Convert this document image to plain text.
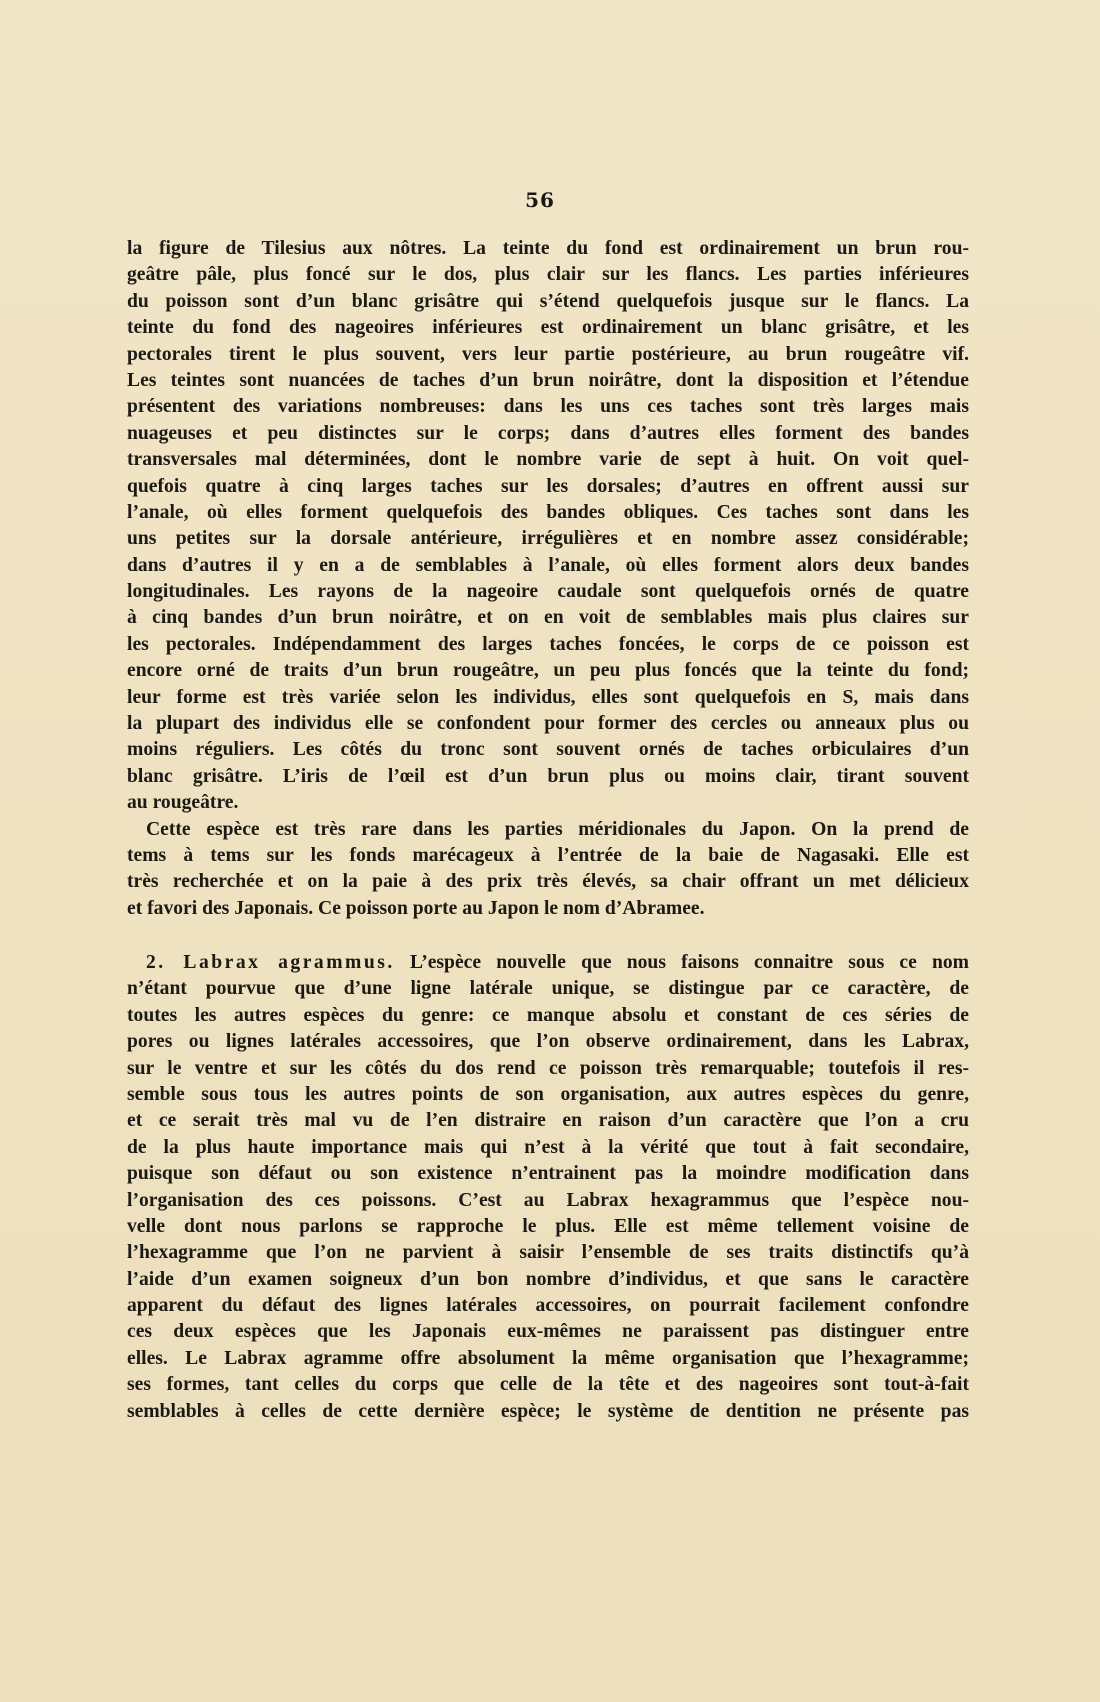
56
la figure de Tilesius aux nôtres. La teinte du fond est ordinairement un brun rou-
geâtre pâle, plus foncé sur le dos, plus clair sur les flancs. Les parties inférieures
du poisson sont d’un blanc grisâtre qui s’étend quelquefois jusque sur le flancs. La
teinte du fond des nageoires inférieures est ordinairement un blanc grisâtre, et les
pectorales tirent le plus souvent, vers leur partie postérieure, au brun rougeâtre vif.
Les teintes sont nuancées de taches d’un brun noirâtre, dont la disposition et l’étendue
présentent des variations nombreuses: dans les uns ces taches sont très larges mais
nuageuses et peu distinctes sur le corps; dans d’autres elles forment des bandes
transversales mal déterminées, dont le nombre varie de sept à huit. On voit quel-
quefois quatre à cinq larges taches sur les dorsales; d’autres en offrent aussi sur
l’anale, où elles forment quelquefois des bandes obliques. Ces taches sont dans les
uns petites sur la dorsale antérieure, irrégulières et en nombre assez considérable;
dans d’autres il y en a de semblables à l’anale, où elles forment alors deux bandes
longitudinales. Les rayons de la nageoire caudale sont quelquefois ornés de quatre
à cinq bandes d’un brun noirâtre, et on en voit de semblables mais plus claires sur
les pectorales. Indépendamment des larges taches foncées, le corps de ce poisson est
encore orné de traits d’un brun rougeâtre, un peu plus foncés que la teinte du fond;
leur forme est très variée selon les individus, elles sont quelquefois en S, mais dans
la plupart des individus elle se confondent pour former des cercles ou anneaux plus ou
moins réguliers. Les côtés du tronc sont souvent ornés de taches orbiculaires d’un
blanc grisâtre. L’iris de l’œil est d’un brun plus ou moins clair, tirant souvent
au rougeâtre.
Cette espèce est très rare dans les parties méridionales du Japon. On la prend de
tems à tems sur les fonds marécageux à l’entrée de la baie de Nagasaki. Elle est
très recherchée et on la paie à des prix très élevés, sa chair offrant un met délicieux
et favori des Japonais. Ce poisson porte au Japon le nom d’Abramee.
2. Labrax agrammus. L’espèce nouvelle que nous faisons connaitre sous ce nom
n’étant pourvue que d’une ligne latérale unique, se distingue par ce caractère, de
toutes les autres espèces du genre: ce manque absolu et constant de ces séries de
pores ou lignes latérales accessoires, que l’on observe ordinairement, dans les Labrax,
sur le ventre et sur les côtés du dos rend ce poisson très remarquable; toutefois il res-
semble sous tous les autres points de son organisation, aux autres espèces du genre,
et ce serait très mal vu de l’en distraire en raison d’un caractère que l’on a cru
de la plus haute importance mais qui n’est à la vérité que tout à fait secondaire,
puisque son défaut ou son existence n’entrainent pas la moindre modification dans
l’organisation des ces poissons. C’est au Labrax hexagrammus que l’espèce nou-
velle dont nous parlons se rapproche le plus. Elle est même tellement voisine de
l’hexagramme que l’on ne parvient à saisir l’ensemble de ses traits distinctifs qu’à
l’aide d’un examen soigneux d’un bon nombre d’individus, et que sans le caractère
apparent du défaut des lignes latérales accessoires, on pourrait facilement confondre
ces deux espèces que les Japonais eux-mêmes ne paraissent pas distinguer entre
elles. Le Labrax agramme offre absolument la même organisation que l’hexagramme;
ses formes, tant celles du corps que celle de la tête et des nageoires sont tout-à-fait
semblables à celles de cette dernière espèce; le système de dentition ne présente pas
